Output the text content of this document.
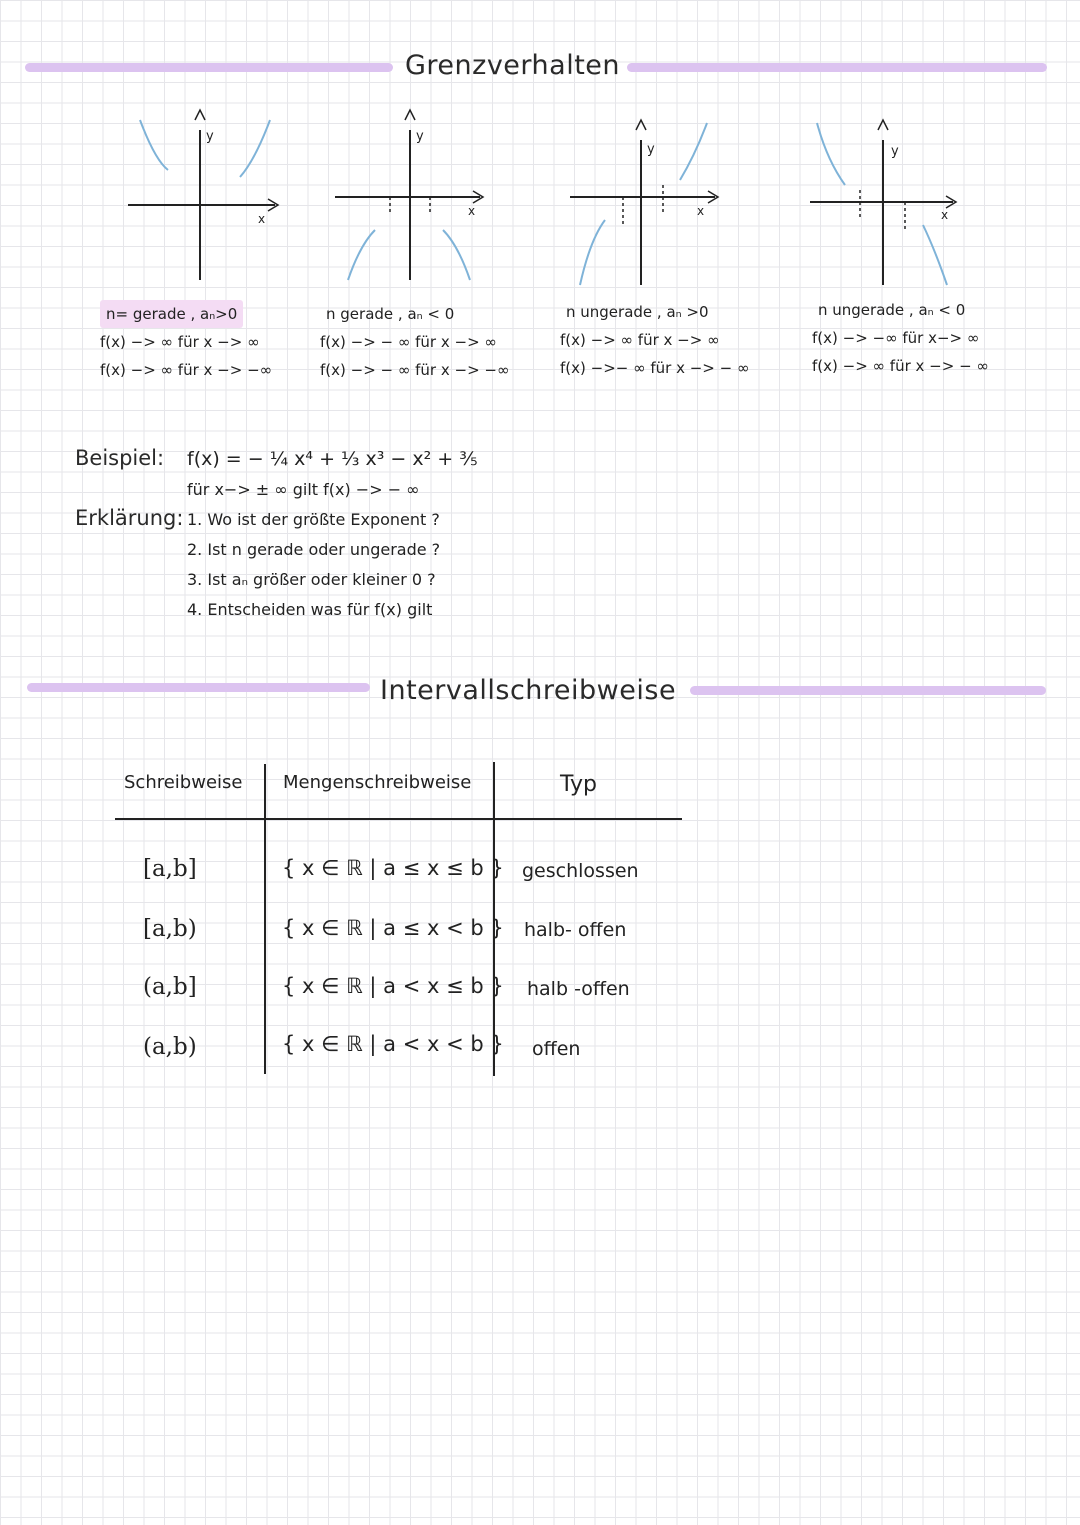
Grenzverhalten
y
x
y
x
y
x
y
x
n= gerade , aₙ>0
f(x) −> ∞ für x −> ∞
f(x) −> ∞ für x −> −∞
n gerade , aₙ < 0
f(x) −> − ∞ für x −> ∞
f(x) −> − ∞ für x −> −∞
n ungerade , aₙ >0
f(x) −> ∞ für x −> ∞
f(x) −>− ∞ für x −> − ∞
n ungerade , aₙ < 0
f(x) −> −∞ für x−> ∞
f(x) −> ∞ für x −> − ∞
Beispiel: f(x) = − ¼ x⁴ + ⅓ x³ − x² + ⅗
für x−> ± ∞ gilt f(x) −> − ∞
Erklärung: 1. Wo ist der größte Exponent ?
2. Ist n gerade oder ungerade ?
3. Ist aₙ größer oder kleiner 0 ?
4. Entscheiden was für f(x) gilt
Intervallschreibweise
Schreibweise Mengenschreibweise	Typ
[a,b]	{ x ∈ ℝ | a ≤ x ≤ b } geschlossen
[a,b)	{ x ∈ ℝ | a ≤ x < b } halb- offen
(a,b]	{ x ∈ ℝ | a < x ≤ b } halb -offen
(a,b)	{ x ∈ ℝ | a < x < b } offen
